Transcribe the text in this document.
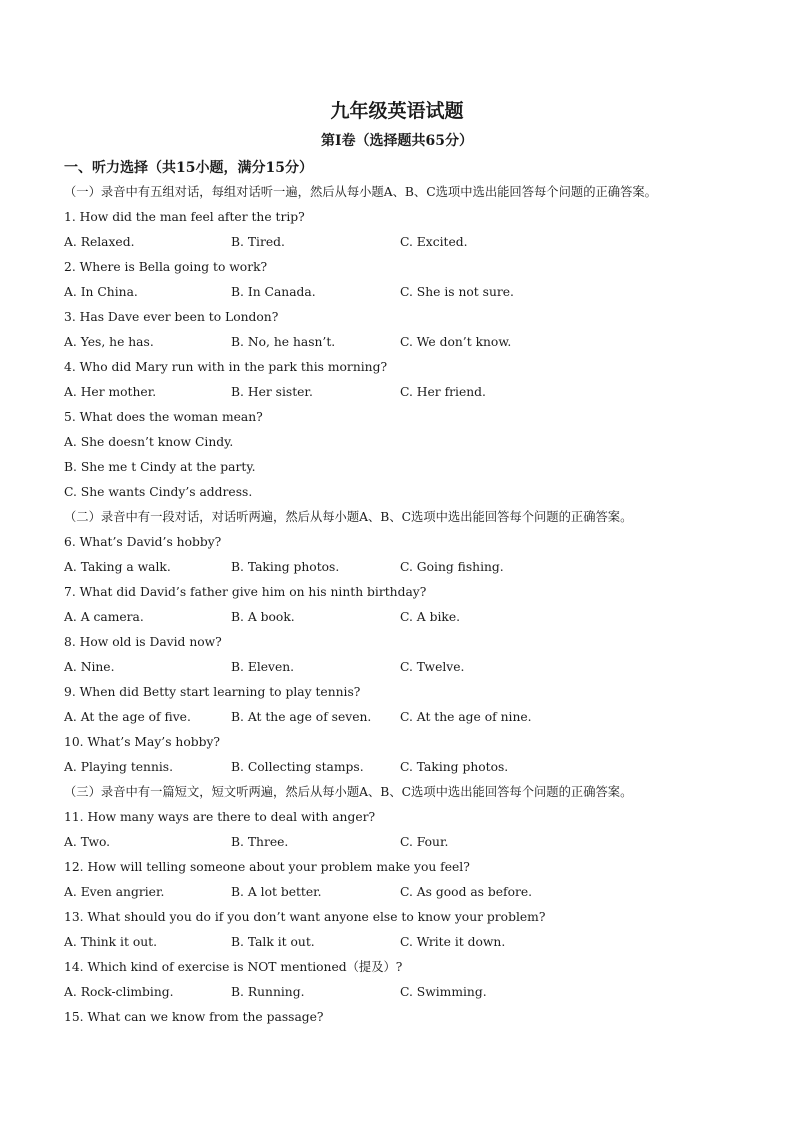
九年级英语试题
第Ⅰ卷（选择题共65分）
一、听力选择（共15小题，满分15分）
（一）录音中有五组对话，每组对话听一遍，然后从每小题A、B、C选项中选出能回答每个问题的正确答案。
1. How did the man feel after the trip?
A. Relaxed.	B. Tired.	C. Excited.
2. Where is Bella going to work?
A. In China.	B. In Canada.	C. She is not sure.
3. Has Dave ever been to London?
A. Yes, he has.	B. No, he hasn’t.	C. We don’t know.
4. Who did Mary run with in the park this morning?
A. Her mother.	B. Her sister.	C. Her friend.
5. What does the woman mean?
A. She doesn’t know Cindy.
B. She me t Cindy at the party.
C. She wants Cindy’s address.
（二）录音中有一段对话，对话听两遍，然后从每小题A、B、C选项中选出能回答每个问题的正确答案。
6. What’s David’s hobby?
A. Taking a walk.	B. Taking photos.	C. Going fishing.
7. What did David’s father give him on his ninth birthday?
A. A camera.	B. A book.	C. A bike.
8. How old is David now?
A. Nine.	B. Eleven.	C. Twelve.
9. When did Betty start learning to play tennis?
A. At the age of five.	B. At the age of seven. C. At the age of nine.
10. What’s May’s hobby?
A. Playing tennis.	B. Collecting stamps.	C. Taking photos.
（三）录音中有一篇短文，短文听两遍，然后从每小题A、B、C选项中选出能回答每个问题的正确答案。
11. How many ways are there to deal with anger?
A. Two.	B. Three.	C. Four.
12. How will telling someone about your problem make you feel?
A. Even angrier.	B. A lot better.	C. As good as before.
13. What should you do if you don’t want anyone else to know your problem?
A. Think it out.	B. Talk it out.	C. Write it down.
14. Which kind of exercise is NOT mentioned（提及）?
A. Rock-climbing.	B. Running.	C. Swimming.
15. What can we know from the passage?
